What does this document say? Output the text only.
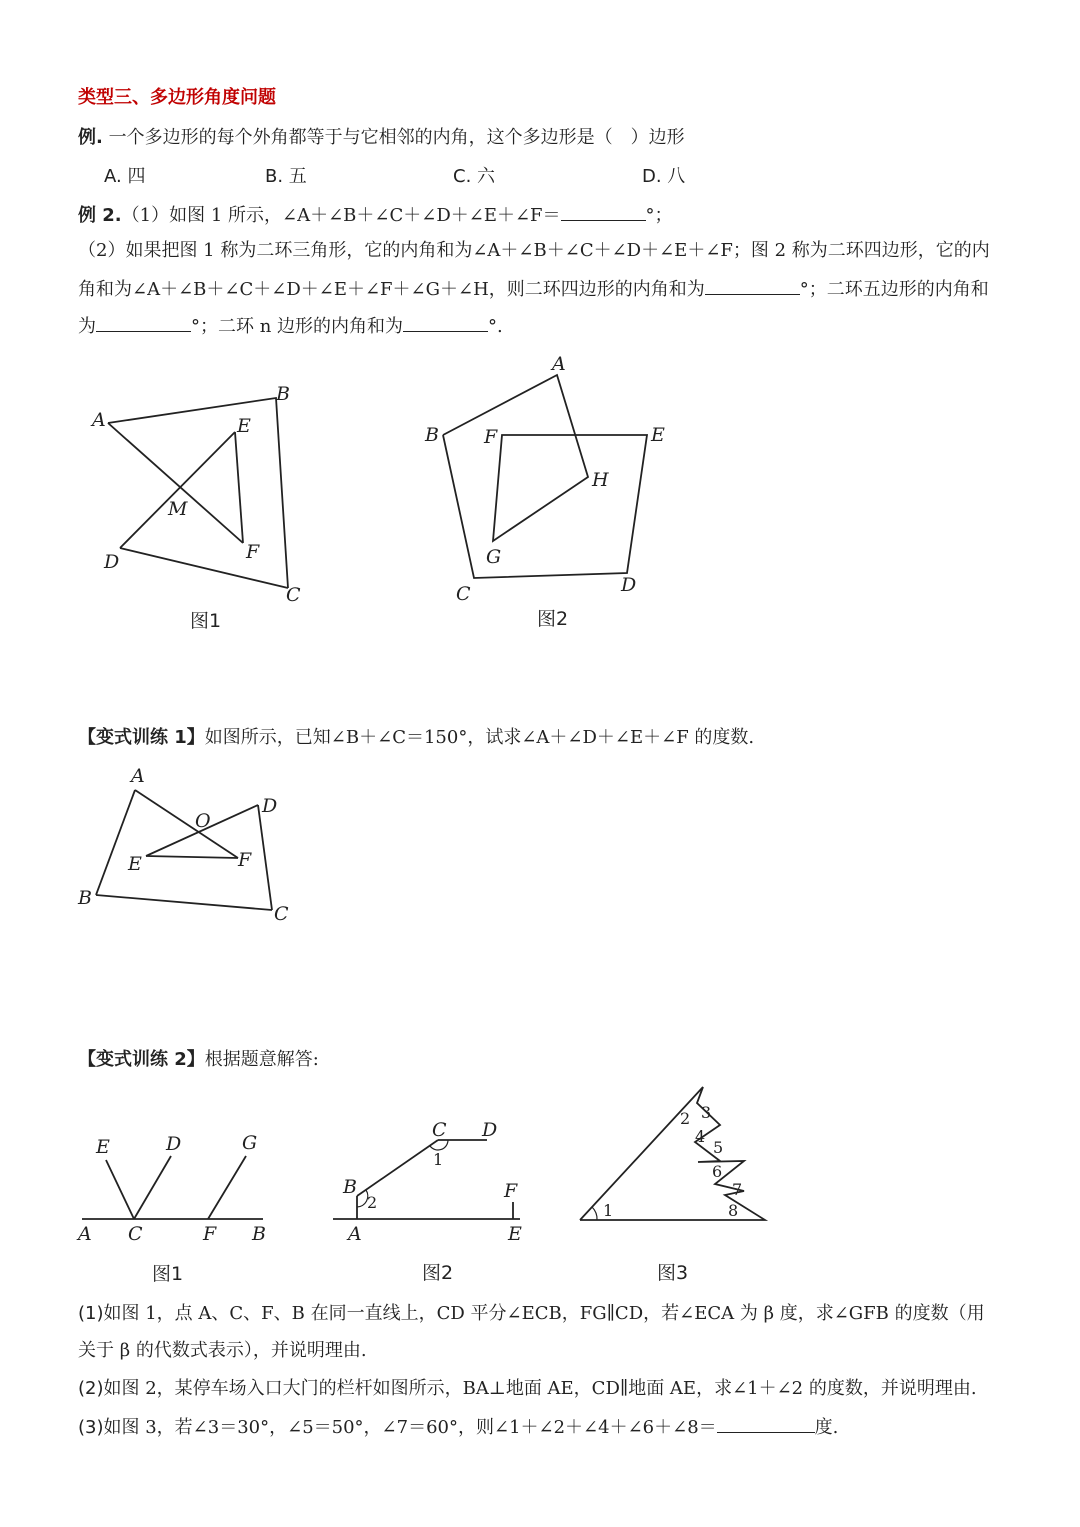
类型三、多边形角度问题
例. 一个多边形的每个外角都等于与它相邻的内角，这个多边形是（　）边形
A. 四	B. 五	C. 六	D. 八
例 2.（1）如图 1 所示，∠A＋∠B＋∠C＋∠D＋∠E＋∠F＝	°；
（2）如果把图 1 称为二环三角形，它的内角和为∠A＋∠B＋∠C＋∠D＋∠E＋∠F；图 2 称为二环四边形，它的内
角和为∠A＋∠B＋∠C＋∠D＋∠E＋∠F＋∠G＋∠H，则二环四边形的内角和为	°；二环五边形的内角和
为	°；二环 n 边形的内角和为	°.
A
B
C
D
E
F
M
图1
A
B
C	D
E
F
G
H
图2
A
B
C
D
E	F
O
E	D	G
A C	F B
图1
C D
B	F
A	E
1
2
图2
1
2 3
4
5
6
7
8
图3
【变式训练 1】如图所示，已知∠B＋∠C＝150°，试求∠A＋∠D＋∠E＋∠F 的度数.
【变式训练 2】根据题意解答:
(1)如图 1，点 A、C、F、B 在同一直线上，CD 平分∠ECB，FG∥CD，若∠ECA 为 β 度，求∠GFB 的度数（用
关于 β 的代数式表示），并说明理由.
(2)如图 2，某停车场入口大门的栏杆如图所示，BA⊥地面 AE，CD∥地面 AE，求∠1＋∠2 的度数，并说明理由.
(3)如图 3，若∠3＝30°，∠5＝50°，∠7＝60°，则∠1＋∠2＋∠4＋∠6＋∠8＝	度.
